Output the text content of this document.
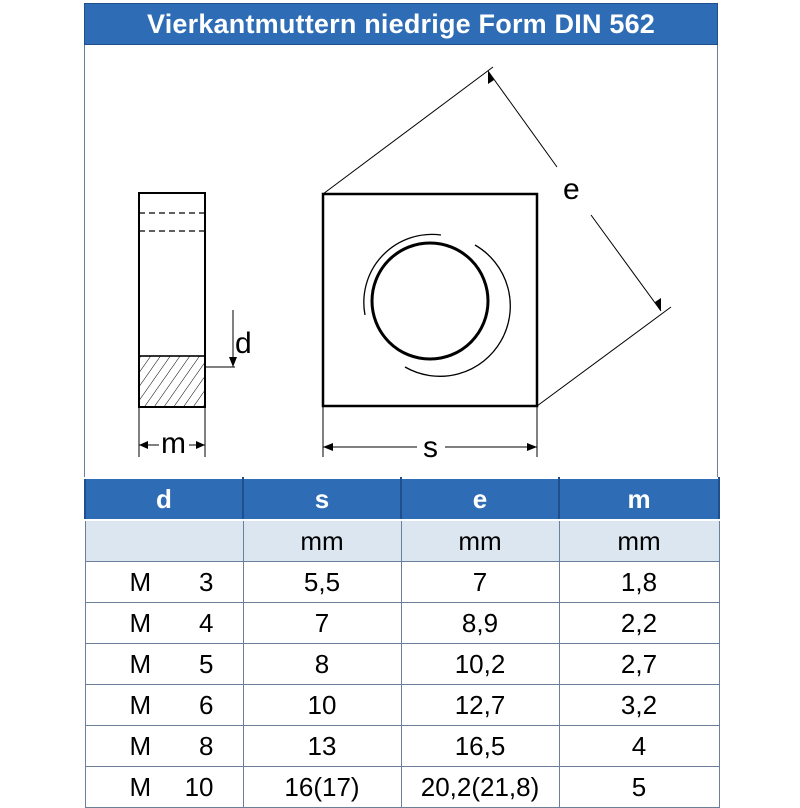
Vierkantmuttern niedrige Form DIN 562
d
m	s
e
d	s	e	m
	mm	mm	mm
M 3	5,5	7	1,8
M 4	7	8,9	2,2
M 5	8	10,2	2,7
M 6	10	12,7	3,2
M 8	13	16,5	4
M 10	16(17)	20,2(21,8)	5
